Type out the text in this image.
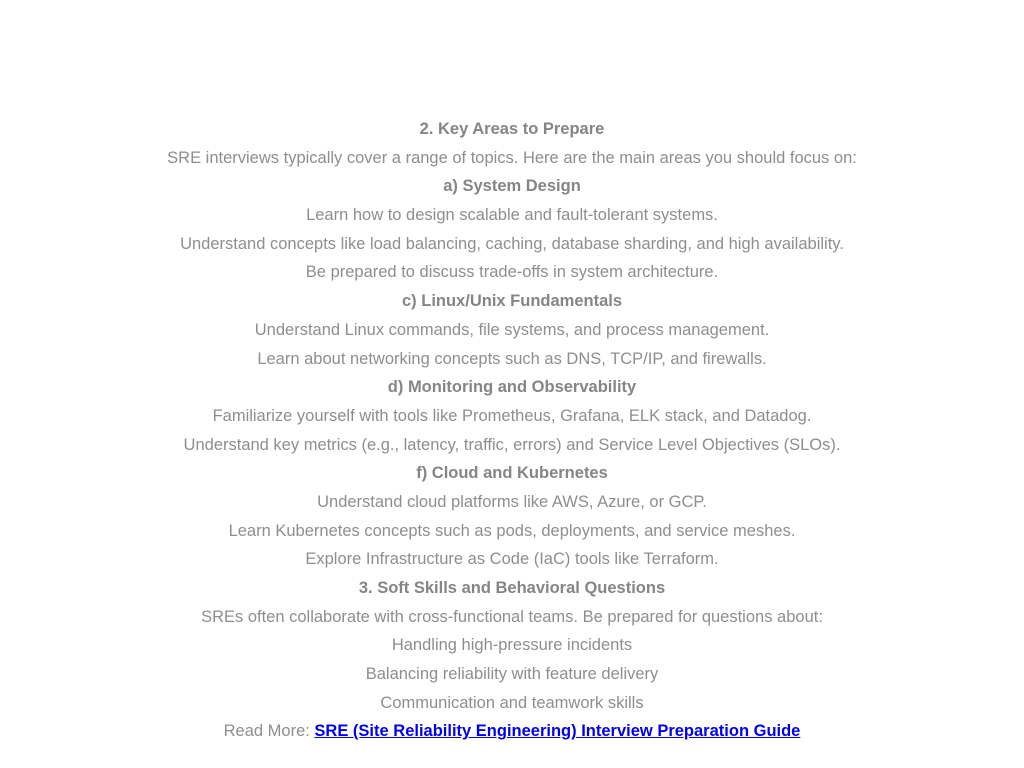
2. Key Areas to Prepare
SRE interviews typically cover a range of topics. Here are the main areas you should focus on:
a) System Design
Learn how to design scalable and fault-tolerant systems.
Understand concepts like load balancing, caching, database sharding, and high availability.
Be prepared to discuss trade-offs in system architecture.
c) Linux/Unix Fundamentals
Understand Linux commands, file systems, and process management.
Learn about networking concepts such as DNS, TCP/IP, and firewalls.
d) Monitoring and Observability
Familiarize yourself with tools like Prometheus, Grafana, ELK stack, and Datadog.
Understand key metrics (e.g., latency, traffic, errors) and Service Level Objectives (SLOs).
f) Cloud and Kubernetes
Understand cloud platforms like AWS, Azure, or GCP.
Learn Kubernetes concepts such as pods, deployments, and service meshes.
Explore Infrastructure as Code (IaC) tools like Terraform.
3. Soft Skills and Behavioral Questions
SREs often collaborate with cross-functional teams. Be prepared for questions about:
Handling high-pressure incidents
Balancing reliability with feature delivery
Communication and teamwork skills
Read More: SRE (Site Reliability Engineering) Interview Preparation Guide
